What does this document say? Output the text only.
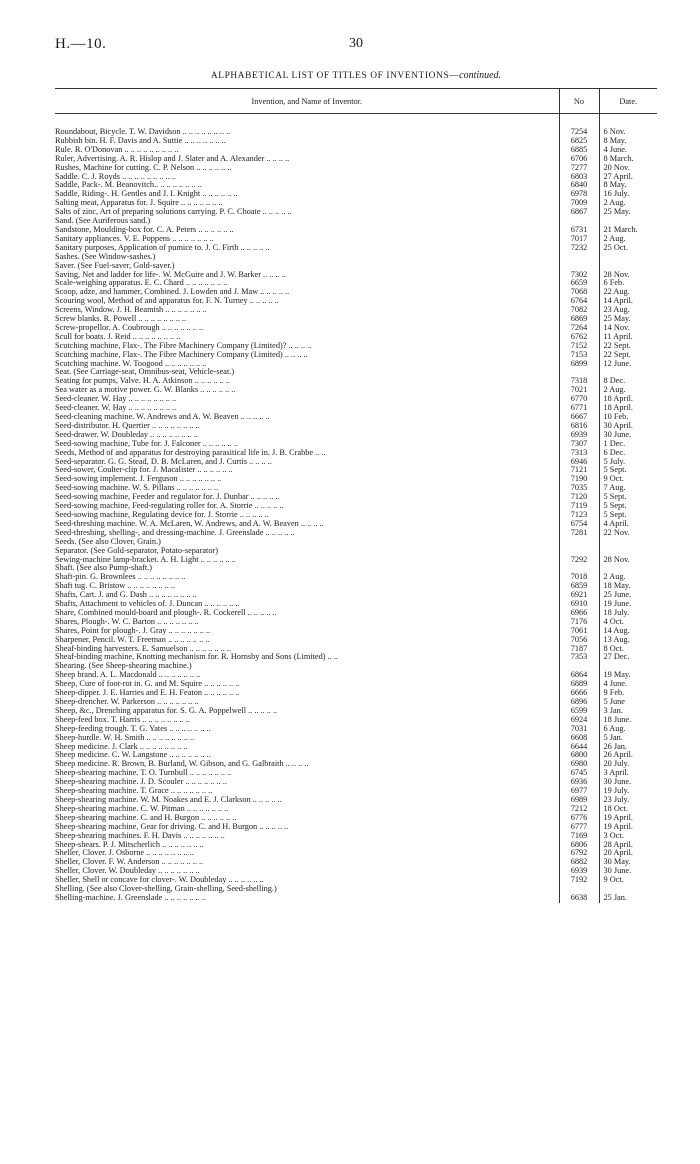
H.—10.	30
ALPHABETICAL LIST OF TITLES OF INVENTIONS—continued.
Invention, and Name of Inventor.	No	Date.

Roundabout, Bicycle. T. W. Davidson .. .. .. .. .. .. .. ..	7254	6 Nov.
Rubbish bin. H. F. Davis and A. Suttie .. .. .. .. .. .. ..	6825	8 May.
Rule. R. O'Donovan .. .. .. .. .. .. .. .. ..	6885	4 June.
Ruler, Advertising. A. R. Hislop and J. Slater and A. Alexander .. .. .. ..	6706	8 March.
Rushes, Machine for cutting. C. P. Nelson .. .. .. .. .. ..	7277	20 Nov.
Saddle. C. J. Royds .. .. .. .. .. .. .. .. ..	6803	27 April.
Saddle, Pack-. M. Beanovitch.. .. .. .. .. .. .. ..	6840	8 May.
Saddle, Riding-. H. Gentles and J. I. Knight .. .. .. .. .. ..	6978	16 July.
Salting meat, Apparatus for. J. Squire .. .. .. .. .. .. ..	7009	2 Aug.
Salts of zinc, Art of preparing solutions carrying. P. C. Choate .. .. .. .. ..	6867	25 May.
Sand. (See Auriferous sand.)		
Sandstone, Moulding-box for. C. A. Peters .. .. .. .. .. ..	6731	21 March.
Sanitary appliances. V. E. Poppens .. .. .. .. .. .. ..	7017	2 Aug.
Sanitary purposes, Application of pumice to. J. C. Firth .. .. .. .. ..	7232	25 Oct.
Sashes. (See Window-sashes.)		
Saver. (See Fuel-saver, Gold-saver.)		
Saving, Net and ladder for life-. W. McGuire and J. W. Barker .. .. .. ..	7302	28 Nov.
Scale-weighing apparatus. E. C. Chard .. .. .. .. .. .. ..	6659	6 Feb.
Scoop, adze, and hammer, Combined. J. Lowden and J. Maw .. .. .. .. ..	7068	22 Aug.
Scouring wool, Method of and apparatus for. F. N. Turney .. .. .. .. ..	6764	14 April.
Screens, Window. J. H. Beamish .. .. .. .. .. .. ..	7082	23 Aug.
Screw blanks. R. Powell .. .. .. .. .. .. .. ..	6869	25 May.
Screw-propellor. A. Coubrough .. .. .. .. .. .. ..	7264	14 Nov.
Scull for boats. J. Reid .. .. .. .. .. .. .. ..	6762	11 April.
Scutching machine, Flax-. The Fibre Machinery Company (Limited)? .. .. .. ..	7152	22 Sept.
Scutching machine, Flax-. The Fibre Machinery Company (Limited) .. .. .. ..	7153	22 Sept.
Scutching machine. W. Toogood .. .. .. .. .. .. ..	6899	12 June.
Seat. (See Carriage-seat, Omnibus-seat, Vehicle-seat.)		
Seating for pumps, Valve. H. A. Atkinson .. .. .. .. .. ..	7318	8 Dec.
Sea water as a motive power. G. W. Blanks .. .. .. .. .. ..	7021	2 Aug.
Seed-cleaner. W. Hay .. .. .. .. .. .. .. ..	6770	18 April.
Seed-cleaner. W. Hay .. .. .. .. .. .. .. ..	6771	18 April.
Seed-cleaning machine. W. Andrews and A. W. Beaven .. .. .. .. ..	6667	10 Feb.
Seed-distributor. H. Quertier .. .. .. .. .. .. .. ..	6816	30 April.
Seed-drawer. W. Doubleday .. .. .. .. .. .. .. ..	6939	30 June.
Seed-sowing machine, Tube for. J. Falconer .. .. .. .. .. ..	7307	1 Dec.
Seeds, Method of and apparatus for destroying parasitical life in. J. B. Crabbe .. ..	7313	6 Dec.
Seed-separator. G. G. Stead, D. B. McLaren, and J. Curtis .. .. .. ..	6946	5 July.
Seed-sower, Coulter-clip for. J. Macalister .. .. .. .. .. ..	7121	5 Sept.
Seed-sowing implement. J. Ferguson .. .. .. .. .. .. ..	7190	9 Oct.
Seed-sowing machine. W. S. Pillans .. .. .. .. .. .. ..	7035	7 Aug.
Seed-sowing machine, Feeder and regulator for. J. Dunbar .. .. .. .. ..	7120	5 Sept.
Seed-sowing machine, Feed-regulating roller for. A. Storrie .. .. .. .. ..	7119	5 Sept.
Seed-sowing machine, Regulating device for. J. Storrie .. .. .. .. ..	7123	5 Sept.
Seed-threshing machine. W. A. McLaren, W. Andrews, and A. W. Beaven .. .. .. ..	6754	4 April.
Seed-threshing, shelling-, and dressing-machine. J. Greenslade .. .. .. .. ..	7281	22 Nov.
Seeds. (See also Clover, Grain.)		
Separator. (See Gold-separator, Potato-separator)		
Sewing-machine lamp-bracket. A. H. Light .. .. .. .. .. ..	7292	28 Nov.
Shaft. (See also Pump-shaft.)		
Shaft-pin. G. Brownlees .. .. .. .. .. .. .. ..	7018	2 Aug.
Shaft tug. C. Bristow .. .. .. .. .. .. .. ..	6859	18 May.
Shafts, Cart. J. and G. Dash .. .. .. .. .. .. .. ..	6921	25 June.
Shafts, Attachment to vehicles of. J. Duncan .. .. .. .. .. ..	6910	19 June.
Share, Combined mould-board and plough-. R. Cockerell .. .. .. .. ..	6966	18 July.
Shares, Plough-. W. C. Barton .. .. .. .. .. .. ..	7176	4 Oct.
Shares, Point for plough-. J. Gray .. .. .. .. .. .. ..	7061	14 Aug.
Sharpener, Pencil. W. T. Freeman .. .. .. .. .. .. ..	7056	13 Aug.
Sheaf-binding harvesters. E. Samuelson .. .. .. .. .. .. ..	7187	8 Oct.
Sheaf-binding machine, Knotting mechanism for. R. Hornsby and Sons (Limited) .. ..	7353	27 Dec.
Shearing. (See Sheep-shearing machine.)		
Sheep brand. A. L. Macdonald .. .. .. .. .. .. ..	6864	19 May.
Sheep, Cure of foot-rot in. G. and M. Squire .. .. .. .. .. ..	6889	4 June.
Sheep-dipper. J. E. Harries and E. H. Featon .. .. .. .. .. ..	6666	9 Feb.
Sheep-drencher. W. Parkerson .. .. .. .. .. .. ..	6896	5 June
Sheep, &c., Drenching apparatus for. S. G. A. Poppelwell .. .. .. .. ..	6599	3 Jan.
Sheep-feed box. T. Harris .. .. .. .. .. .. .. ..	6924	18 June.
Sheep-feeding trough. T. G. Yates .. .. .. .. .. .. ..	7031	6 Aug.
Sheep-hurdle. W. H. Smith .. .. .. .. .. .. .. ..	6608	5 Jan.
Sheep medicine. J. Clark .. .. .. .. .. .. .. ..	6644	26 Jan.
Sheep medicine. C. W. Langstone .. .. .. .. .. .. ..	6800	26 April.
Sheep medicine. R. Brown, B. Burland, W. Gibson, and G. Galbraith .. .. .. ..	6980	20 July.
Sheep-shearing machine. T. O. Turnbull .. .. .. .. .. .. ..	6745	3 April.
Sheep-shearing machine. J. D. Scouler .. .. .. .. .. .. ..	6936	30 June.
Sheep-shearing machine. T. Grace .. .. .. .. .. .. ..	6977	19 July.
Sheep-shearing machine. W. M. Noakes and E. J. Clarkson .. .. .. .. ..	6989	23 July.
Sheep-shearing machine. C. W. Pitman .. .. .. .. .. .. ..	7212	18 Oct.
Sheep-shearing machine. C. and H. Burgon .. .. .. .. .. ..	6776	19 April.
Sheep-shearing machine, Gear for driving. C. and H. Burgon .. .. .. .. ..	6777	19 April.
Sheep-shearing machines. F. H. Davis .. .. .. .. .. .. ..	7169	3 Oct.
Sheep-shears. P. J. Mitscherlich .. .. .. .. .. .. ..	6806	28 April.
Sheller, Clover. J. Osborne .. .. .. .. .. .. .. ..	6792	20 April.
Sheller, Clover. F. W. Anderson .. .. .. .. .. .. ..	6882	30 May.
Sheller, Clover. W. Doubleday .. .. .. .. .. .. ..	6939	30 June.
Sheller, Shell or concave for clover-. W. Doubleday .. .. .. .. .. ..	7192	9 Oct.
Shelling. (See also Clover-shelling, Grain-shelling, Seed-shelling.)		
Shelling-machine. J. Greenslade .. .. .. .. .. .. ..	6638	25 Jan.
